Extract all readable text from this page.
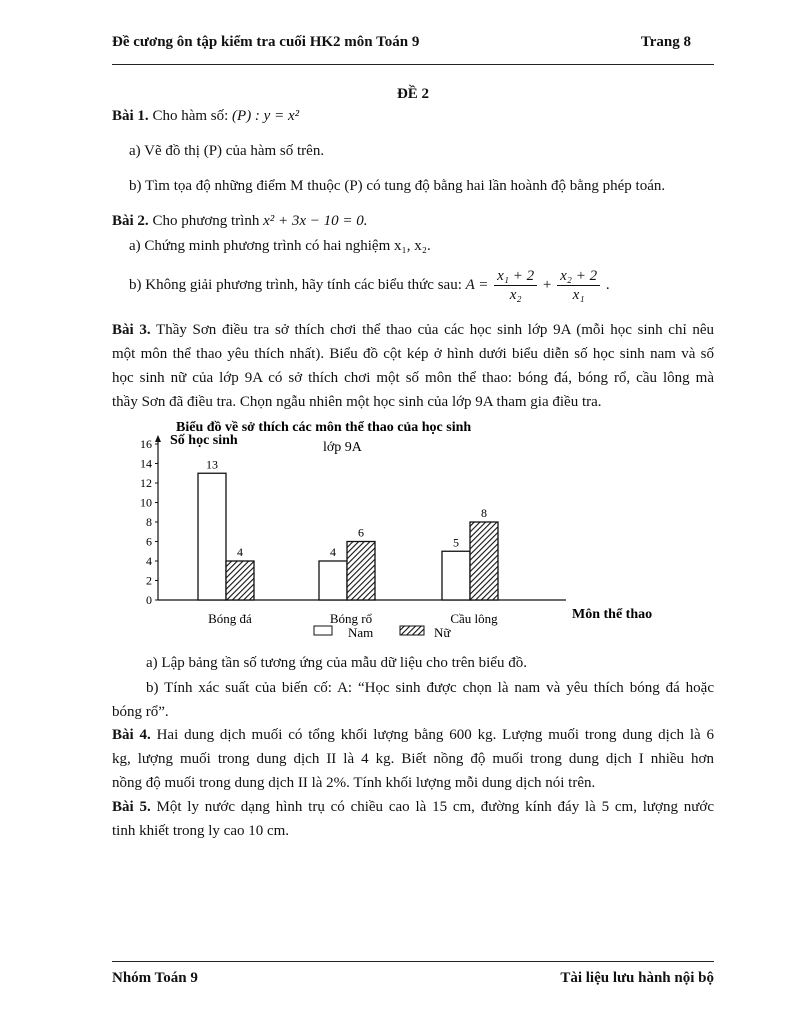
Đề cương ôn tập kiểm tra cuối HK2 môn Toán 9	Trang 8
ĐỀ 2
Bài 1. Cho hàm số: (P) : y = x²
a) Vẽ đồ thị (P) của hàm số trên.
b) Tìm tọa độ những điểm M thuộc (P) có tung độ bằng hai lần hoành độ bằng phép toán.
Bài 2. Cho phương trình x² + 3x − 10 = 0.
a) Chứng minh phương trình có hai nghiệm x₁, x₂.
b) Không giải phương trình, hãy tính các biểu thức sau: $A = \frac{\text{x₁ + 2}}{\text{x₂}} + \frac{\text{x₂ + 2}}{\text{x₁}}$ .
Bài 3. Thầy Sơn điều tra sở thích chơi thể thao của các học sinh lớp 9A (mỗi học sinh chỉ nêu
một môn thể thao yêu thích nhất). Biểu đồ cột kép ở hình dưới biểu diễn số học sinh nam và số
học sinh nữ của lớp 9A có sở thích chơi một số môn thể thao: bóng đá, bóng rổ, cầu lông mà
thầy Sơn đã điều tra. Chọn ngẫu nhiên một học sinh của lớp 9A tham gia điều tra.
Biểu đồ về sở thích các môn thể thao của học sinh
Số học sinh	lớp 9A
Môn thể thao
0
2
4
6
8
10
12
14
16
13
4
Bóng đá
4
6
Bóng rổ
5
8
Cầu lông
Nam	Nữ
a) Lập bảng tần số tương ứng của mẫu dữ liệu cho trên biểu đồ.
b) Tính xác suất của biến cố: A: “Học sinh được chọn là nam và yêu thích bóng đá hoặc
bóng rổ”.
Bài 4. Hai dung dịch muối có tổng khối lượng bằng 600 kg. Lượng muối trong dung dịch là 6
kg, lượng muối trong dung dịch II là 4 kg. Biết nồng độ muối trong dung dịch I nhiều hơn
nồng độ muối trong dung dịch II là 2%. Tính khối lượng mỗi dung dịch nói trên.
Bài 5. Một ly nước dạng hình trụ có chiều cao là 15 cm, đường kính đáy là 5 cm, lượng nước
tinh khiết trong ly cao 10 cm.
Nhóm Toán 9	Tài liệu lưu hành nội bộ
